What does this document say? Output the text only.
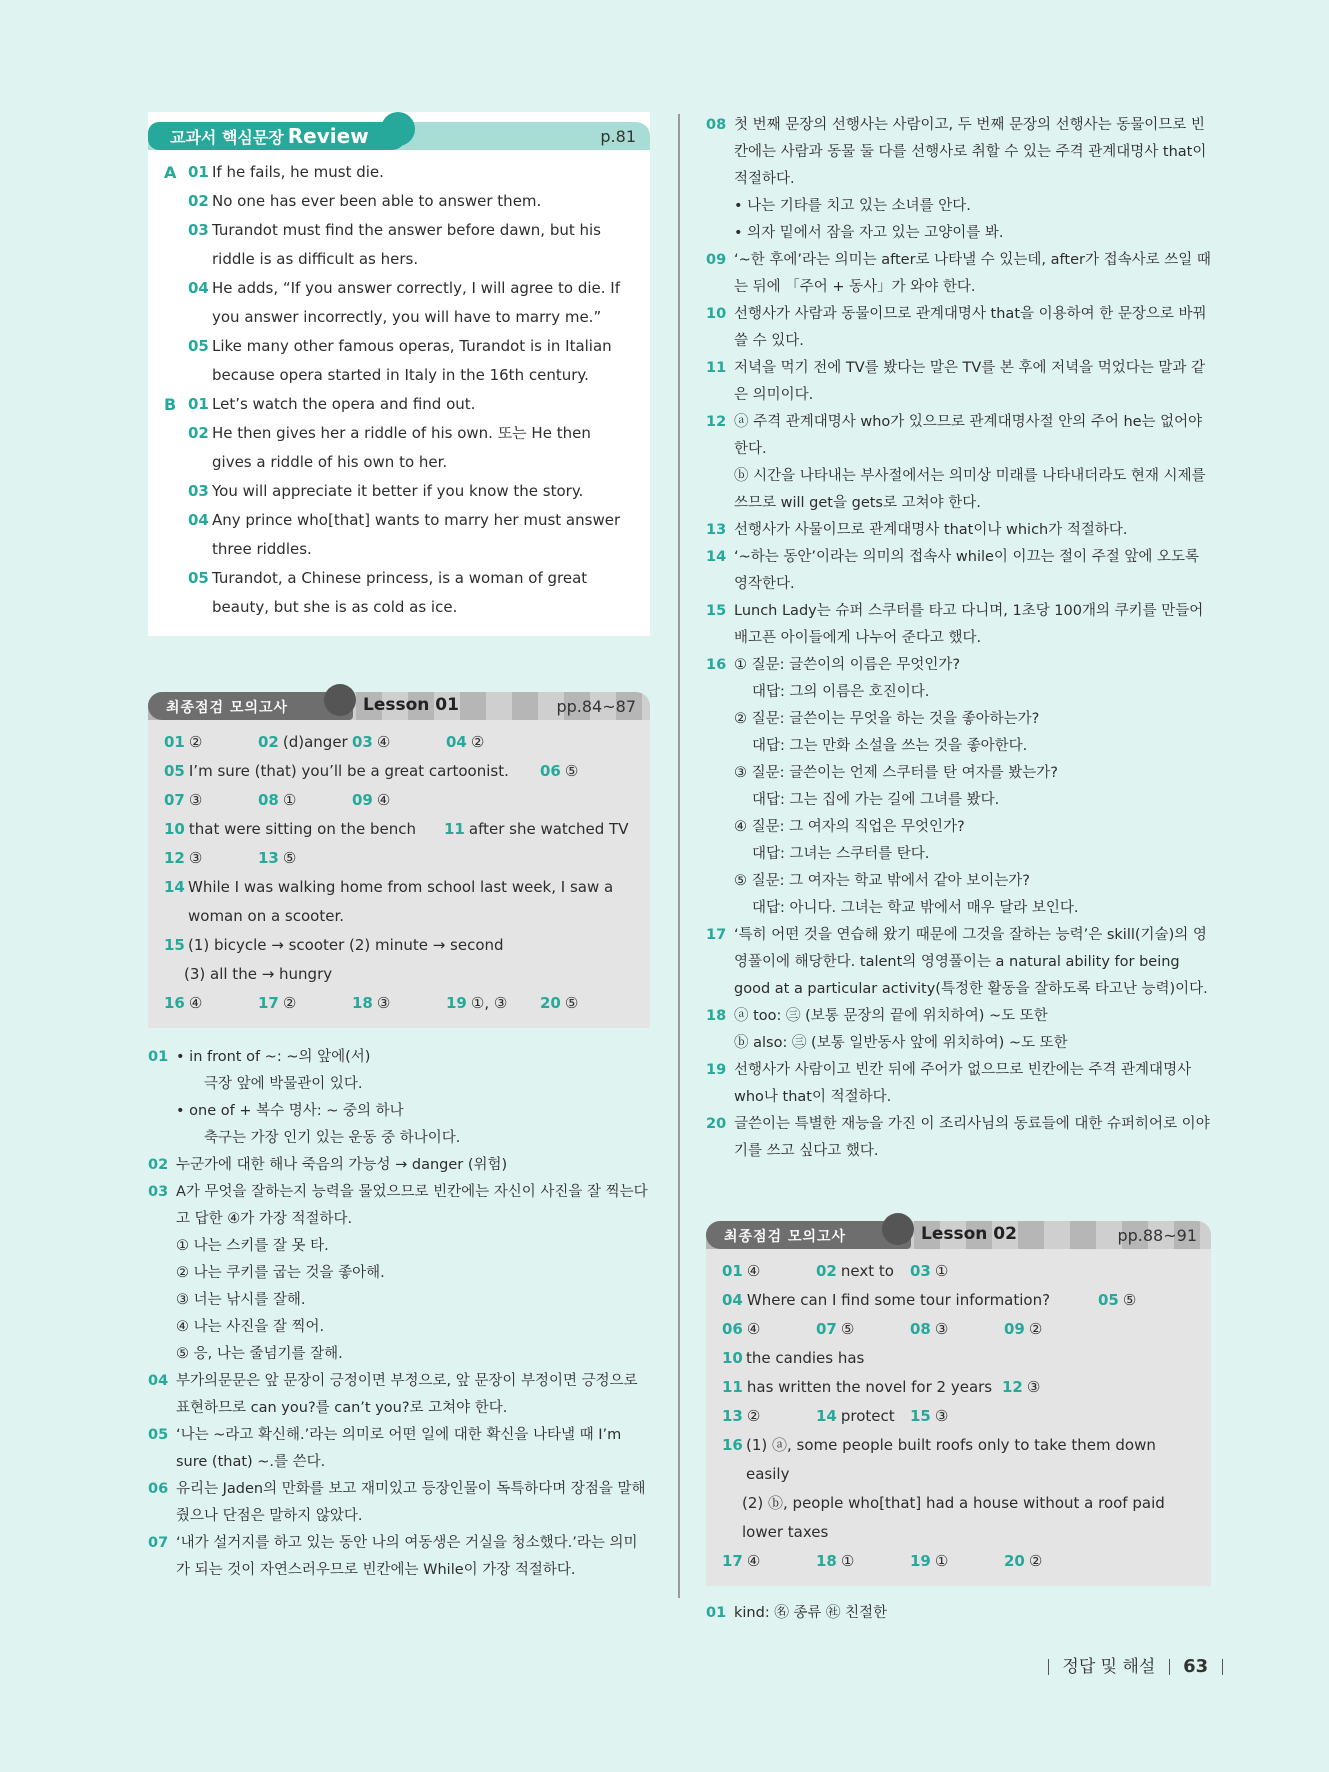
교과서 핵심문장 Review	p.81
A 01 If he fails, he must die.
02 No one has ever been able to answer them.
03 Turandot must find the answer before dawn, but his riddle is as difficult as hers.
04 He adds, “If you answer correctly, I will agree to die. If you answer incorrectly, you will have to marry me.”
05 Like many other famous operas, Turandot is in Italian because opera started in Italy in the 16th century.
B 01 Let’s watch the opera and find out.
02 He then gives her a riddle of his own. 또는 He then gives a riddle of his own to her.
03 You will appreciate it better if you know the story.
04 Any prince who[that] wants to marry her must answer three riddles.
05 Turandot, a Chinese princess, is a woman of great beauty, but she is as cold as ice.
최종점검 모의고사	Lesson 01	pp.84~87
01 ②	02 (d)anger 03 ④	04 ②
05 I’m sure (that) you’ll be a great cartoonist.	06 ⑤
07 ③	08 ①	09 ④
10 that were sitting on the bench	11 after she watched TV
12 ③	13 ⑤
14 While I was walking home from school last week, I saw a woman on a scooter.
15 (1) bicycle → scooter (2) minute → second
(3) all the → hungry
16 ④	17 ②	18 ③	19 ①, ③	20 ⑤
01 • in front of ~: ~의 앞에(서)
극장 앞에 박물관이 있다.
• one of + 복수 명사: ~ 중의 하나
축구는 가장 인기 있는 운동 중 하나이다.
02 누군가에 대한 해나 죽음의 가능성 → danger (위험)
03 A가 무엇을 잘하는지 능력을 물었으므로 빈칸에는 자신이 사진을 잘 찍는다고 답한 ④가 가장 적절하다.
① 나는 스키를 잘 못 타.
② 나는 쿠키를 굽는 것을 좋아해.
③ 너는 낚시를 잘해.
④ 나는 사진을 잘 찍어.
⑤ 응, 나는 줄넘기를 잘해.
04 부가의문문은 앞 문장이 긍정이면 부정으로, 앞 문장이 부정이면 긍정으로 표현하므로 can you?를 can’t you?로 고쳐야 한다.
05 ‘나는 ~라고 확신해.’라는 의미로 어떤 일에 대한 확신을 나타낼 때 I’m sure (that) ~.를 쓴다.
06 유리는 Jaden의 만화를 보고 재미있고 등장인물이 독특하다며 장점을 말해 줬으나 단점은 말하지 않았다.
07 ‘내가 설거지를 하고 있는 동안 나의 여동생은 거실을 청소했다.’라는 의미가 되는 것이 자연스러우므로 빈칸에는 While이 가장 적절하다.
08 첫 번째 문장의 선행사는 사람이고, 두 번째 문장의 선행사는 동물이므로 빈칸에는 사람과 동물 둘 다를 선행사로 취할 수 있는 주격 관계대명사 that이 적절하다.
• 나는 기타를 치고 있는 소녀를 안다.
• 의자 밑에서 잠을 자고 있는 고양이를 봐.
09 ‘~한 후에’라는 의미는 after로 나타낼 수 있는데, after가 접속사로 쓰일 때는 뒤에 「주어 + 동사」가 와야 한다.
10 선행사가 사람과 동물이므로 관계대명사 that을 이용하여 한 문장으로 바꿔 쓸 수 있다.
11 저녁을 먹기 전에 TV를 봤다는 말은 TV를 본 후에 저녁을 먹었다는 말과 같은 의미이다.
12 ⓐ 주격 관계대명사 who가 있으므로 관계대명사절 안의 주어 he는 없어야 한다.
ⓑ 시간을 나타내는 부사절에서는 의미상 미래를 나타내더라도 현재 시제를 쓰므로 will get을 gets로 고쳐야 한다.
13 선행사가 사물이므로 관계대명사 that이나 which가 적절하다.
14 ‘~하는 동안’이라는 의미의 접속사 while이 이끄는 절이 주절 앞에 오도록 영작한다.
15 Lunch Lady는 슈퍼 스쿠터를 타고 다니며, 1초당 100개의 쿠키를 만들어 배고픈 아이들에게 나누어 준다고 했다.
16 ① 질문: 글쓴이의 이름은 무엇인가?
대답: 그의 이름은 호진이다.
② 질문: 글쓴이는 무엇을 하는 것을 좋아하는가?
대답: 그는 만화 소설을 쓰는 것을 좋아한다.
③ 질문: 글쓴이는 언제 스쿠터를 탄 여자를 봤는가?
대답: 그는 집에 가는 길에 그녀를 봤다.
④ 질문: 그 여자의 직업은 무엇인가?
대답: 그녀는 스쿠터를 탄다.
⑤ 질문: 그 여자는 학교 밖에서 같아 보이는가?
대답: 아니다. 그녀는 학교 밖에서 매우 달라 보인다.
17 ‘특히 어떤 것을 연습해 왔기 때문에 그것을 잘하는 능력’은 skill(기술)의 영영풀이에 해당한다. talent의 영영풀이는 a natural ability for being good at a particular activity(특정한 활동을 잘하도록 타고난 능력)이다.
18 ⓐ too: ㊂ (보통 문장의 끝에 위치하여) ~도 또한
ⓑ also: ㊂ (보통 일반동사 앞에 위치하여) ~도 또한
19 선행사가 사람이고 빈칸 뒤에 주어가 없으므로 빈칸에는 주격 관계대명사 who나 that이 적절하다.
20 글쓴이는 특별한 재능을 가진 이 조리사님의 동료들에 대한 슈퍼히어로 이야기를 쓰고 싶다고 했다.
최종점검 모의고사	Lesson 02	pp.88~91
01 ④	02 next to	03 ①
04 Where can I find some tour information?	05 ⑤
06 ④	07 ⑤	08 ③	09 ②
10 the candies has
11 has written the novel for 2 years 12 ③
13 ②	14 protect	15 ③
16 (1) ⓐ, some people built roofs only to take them down easily
(2) ⓑ, people who[that] had a house without a roof paid lower taxes
17 ④	18 ①	19 ①	20 ②
01 kind: ㊔ 종류 ㊓ 친절한
정답 및 해설 63
